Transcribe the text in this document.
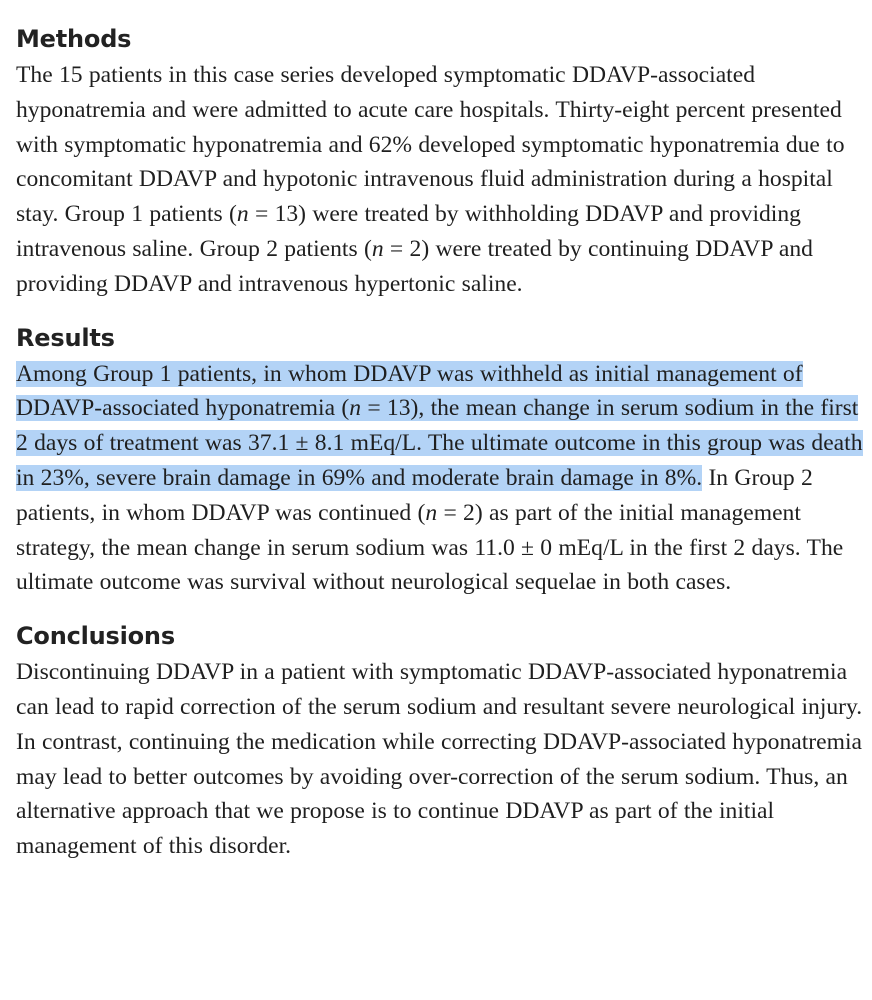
Methods

The 15 patients in this case series developed symptomatic DDAVP-associated hyponatremia and were admitted to acute care hospitals. Thirty-eight percent presented with symptomatic hyponatremia and 62% developed symptomatic hyponatremia due to concomitant DDAVP and hypotonic intravenous fluid administration during a hospital stay. Group 1 patients (n = 13) were treated by withholding DDAVP and providing intravenous saline. Group 2 patients (n = 2) were treated by continuing DDAVP and providing DDAVP and intravenous hypertonic saline.

Results

Among Group 1 patients, in whom DDAVP was withheld as initial management of DDAVP-associated hyponatremia (n = 13), the mean change in serum sodium in the first 2 days of treatment was 37.1 ± 8.1 mEq/L. The ultimate outcome in this group was death in 23%, severe brain damage in 69% and moderate brain damage in 8%. In Group 2 patients, in whom DDAVP was continued (n = 2) as part of the initial management strategy, the mean change in serum sodium was 11.0 ± 0 mEq/L in the first 2 days. The ultimate outcome was survival without neurological sequelae in both cases.

Conclusions

Discontinuing DDAVP in a patient with symptomatic DDAVP-associated hyponatremia can lead to rapid correction of the serum sodium and resultant severe neurological injury. In contrast, continuing the medication while correcting DDAVP-associated hyponatremia may lead to better outcomes by avoiding over-correction of the serum sodium. Thus, an alternative approach that we propose is to continue DDAVP as part of the initial management of this disorder.
